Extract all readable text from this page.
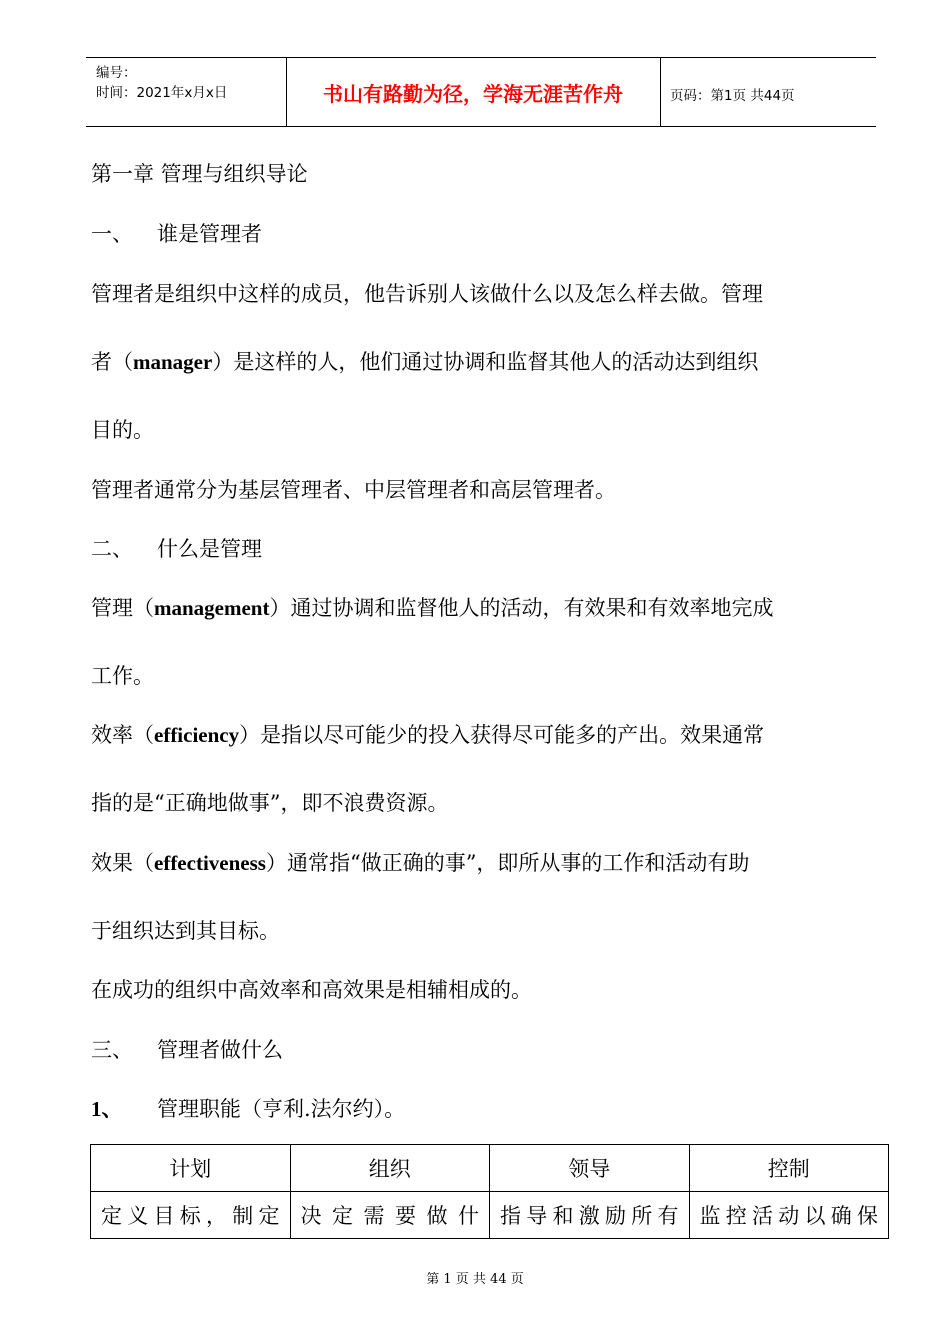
编号：
时间：2021年x月x日	书山有路勤为径，学海无涯苦作舟	页码：第1页 共44页
第一章 管理与组织导论
一、 谁是管理者
管理者是组织中这样的成员，他告诉别人该做什么以及怎么样去做。管理
者（manager）是这样的人，他们通过协调和监督其他人的活动达到组织
目的。
管理者通常分为基层管理者、中层管理者和高层管理者。
二、 什么是管理
管理（management）通过协调和监督他人的活动，有效果和有效率地完成
工作。
效率（efficiency）是指以尽可能少的投入获得尽可能多的产出。效果通常
指的是“正确地做事”，即不浪费资源。
效果（effectiveness）通常指“做正确的事”，即所从事的工作和活动有助
于组织达到其目标。
在成功的组织中高效率和高效果是相辅相成的。
三、 管理者做什么
1、 管理职能（亨利.法尔约）。
计划	组织	领导	控制
定义目标，制定	决定需要做什	指导和激励所有	监控活动以确保
第 1 页 共 44 页
